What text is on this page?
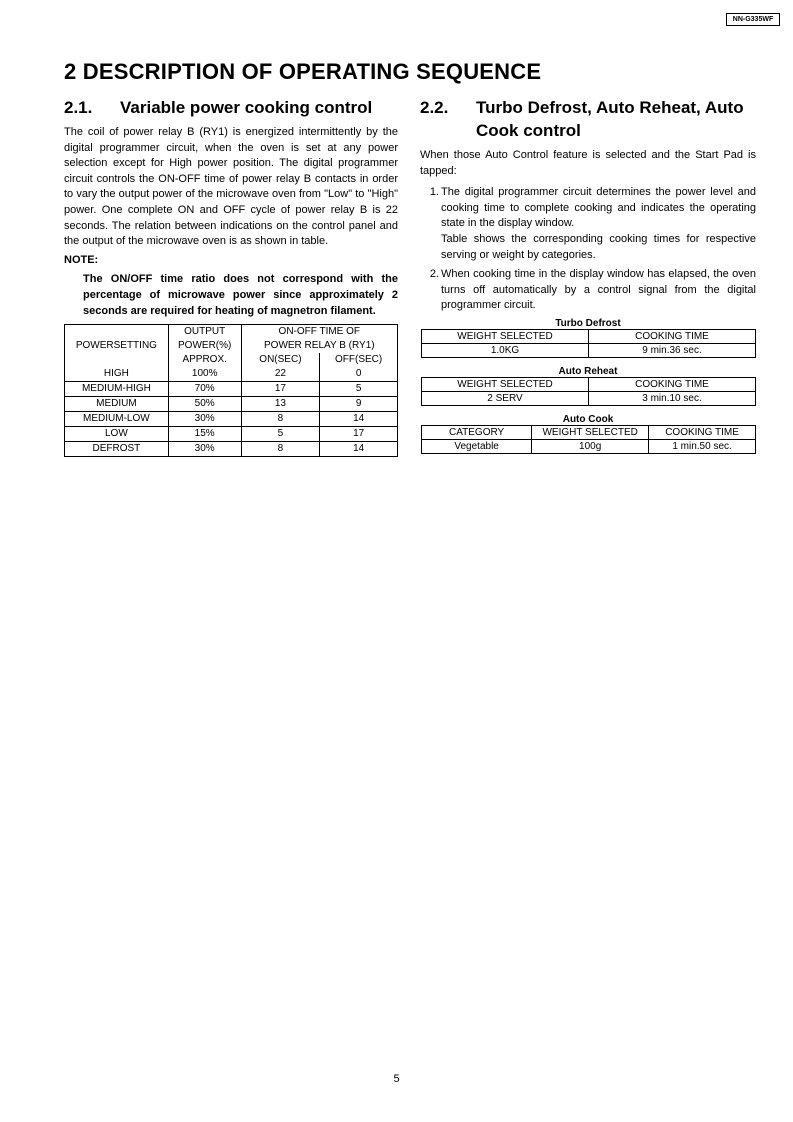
NN-G335WF
2 DESCRIPTION OF OPERATING SEQUENCE
2.1.	Variable power cooking control

The coil of power relay B (RY1) is energized intermittently by the digital programmer circuit, when the oven is set at any power selection except for High power position. The digital programmer circuit controls the ON-OFF time of power relay B contacts in order to vary the output power of the microwave oven from "Low" to "High" power. One complete ON and OFF cycle of power relay B is 22 seconds. The relation between indications on the control panel and the output of the microwave oven is as shown in table.

NOTE:

The ON/OFF time ratio does not correspond with the percentage of microwave power since approximately 2 seconds are required for heating of magnetron filament.

POWERSETTING	OUTPUT	ON-OFF TIME OF	
	POWER(%)	POWER RELAY B (RY1)	
	APPROX.	ON(SEC)	OFF(SEC)
HIGH	100%	22	0
MEDIUM-HIGH	70%	17	5
MEDIUM	50%	13	9
MEDIUM-LOW	30%	8	14
LOW	15%	5	17
DEFROST	30%	8	14
2.2.	Turbo Defrost, Auto Reheat, Auto Cook control

When those Auto Control feature is selected and the Start Pad is tapped:

1. The digital programmer circuit determines the power level and cooking time to complete cooking and indicates the operating state in the display window.
Table shows the corresponding cooking times for respective serving or weight by categories.
2. When cooking time in the display window has elapsed, the oven turns off automatically by a control signal from the digital programmer circuit.
Turbo Defrost
WEIGHT SELECTED	COOKING TIME
1.0KG	9 min.36 sec.
Auto Reheat
WEIGHT SELECTED	COOKING TIME
2 SERV	3 min.10 sec.
Auto Cook
CATEGORY	WEIGHT SELECTED	COOKING TIME
Vegetable	100g	1 min.50 sec.
5
